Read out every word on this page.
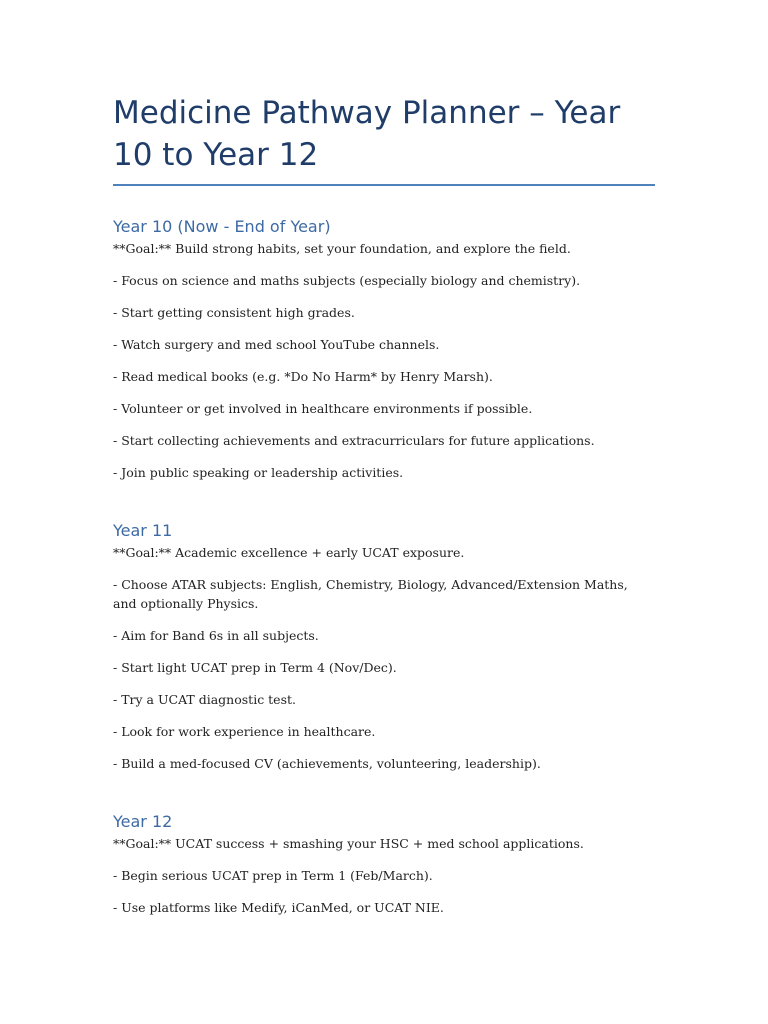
Medicine Pathway Planner – Year 10 to Year 12
Year 10 (Now - End of Year)

**Goal:** Build strong habits, set your foundation, and explore the field.

- Focus on science and maths subjects (especially biology and chemistry).

- Start getting consistent high grades.

- Watch surgery and med school YouTube channels.

- Read medical books (e.g. *Do No Harm* by Henry Marsh).

- Volunteer or get involved in healthcare environments if possible.

- Start collecting achievements and extracurriculars for future applications.

- Join public speaking or leadership activities.

Year 11

**Goal:** Academic excellence + early UCAT exposure.

- Choose ATAR subjects: English, Chemistry, Biology, Advanced/Extension Maths, and optionally Physics.

- Aim for Band 6s in all subjects.

- Start light UCAT prep in Term 4 (Nov/Dec).

- Try a UCAT diagnostic test.

- Look for work experience in healthcare.

- Build a med-focused CV (achievements, volunteering, leadership).

Year 12

**Goal:** UCAT success + smashing your HSC + med school applications.

- Begin serious UCAT prep in Term 1 (Feb/March).

- Use platforms like Medify, iCanMed, or UCAT NIE.
